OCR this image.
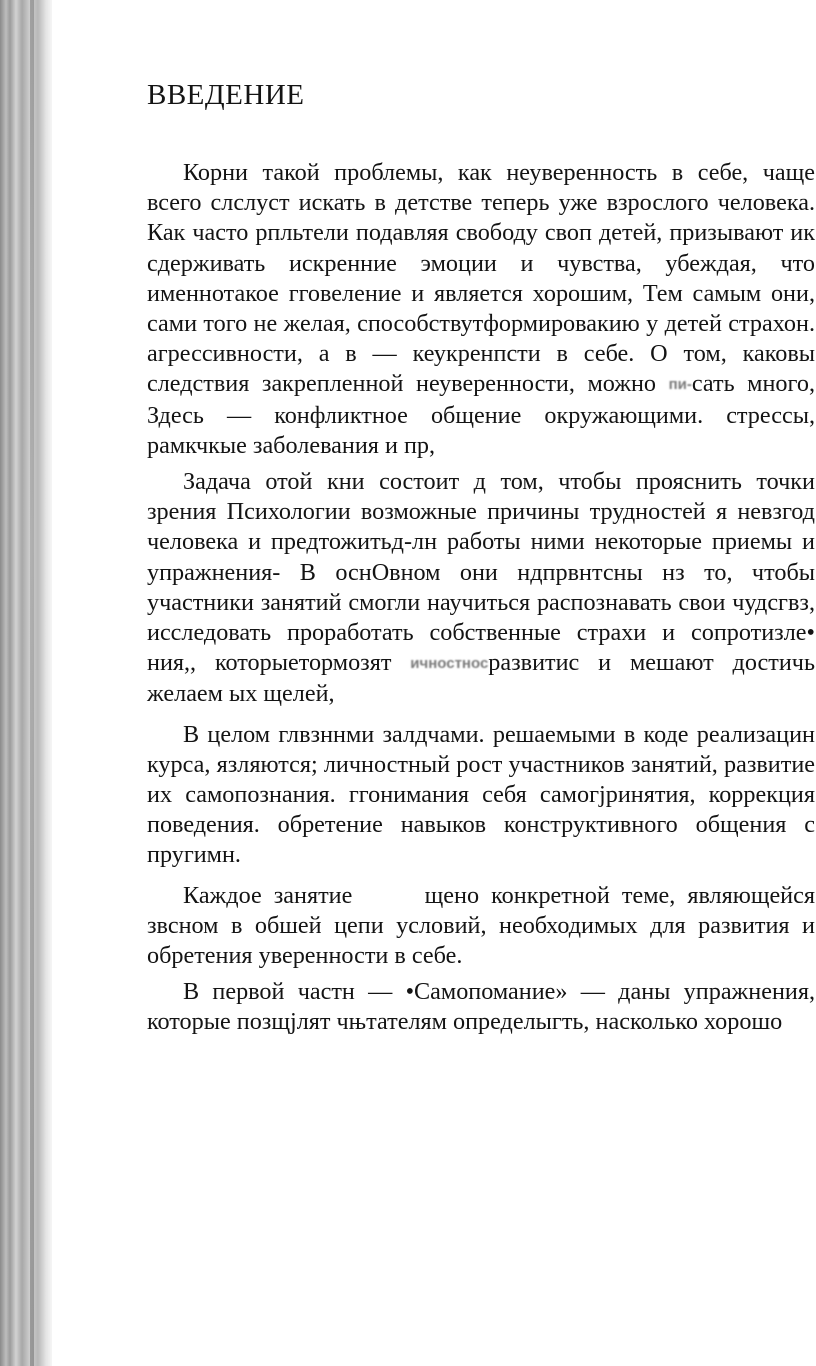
ВВЕДЕНИЕ

Корни такой проблемы, как неуверенность в себе, чаще всего слслуст искать в детстве теперь уже взрослого человека. Как часто рпльтели подавляя свободу своп детей, призывают ик сдерживать искренние эмоции и чувства, убеждая, что именнотакое гговеление и является хорошим, Тем самым они, сами того не желая, способствутформировакию у детей страхон. агрессивности, а в — кеукренпсти в себе. О том, каковы следствия закрепленной неуверенности, можно пи-сать много, Здесь — конфликтное общение окружающими. стрессы, рамкчкые заболевания и пр,

Задача отой кни состоит д том, чтобы прояснить точки зрения Психологии возможные причины трудностей я невзгод человека и предтожитьд-лн работы ними некоторые приемы и упражнения- В оснОвном они ндпрвнтсны нз то, чтобы участники занятий смогли научиться распознавать свои чудсгвз, исследовать проработать собственные страхи и сопротизле• ния,, которыетормозят ичностносразвитис и мешают достичь желаем ых щелей,

В целом глвзннми залдчами. решаемыми в коде реализацин курса, язляются; личностный рост участников занятий, развитие их самопознания. ггонимания себя самогјринятия, коррекция поведения. обретение навыков конструктивного общения с пругимн.

Каждое занятие      щено конкретной теме, являющейся звсном в обшей цепи условий, необходимых для развития и обретения уверенности в себе.

В первой частн — •Самопомание» — даны упражнения, которые позщјлят чњтателям определыгть, насколько хорошо
